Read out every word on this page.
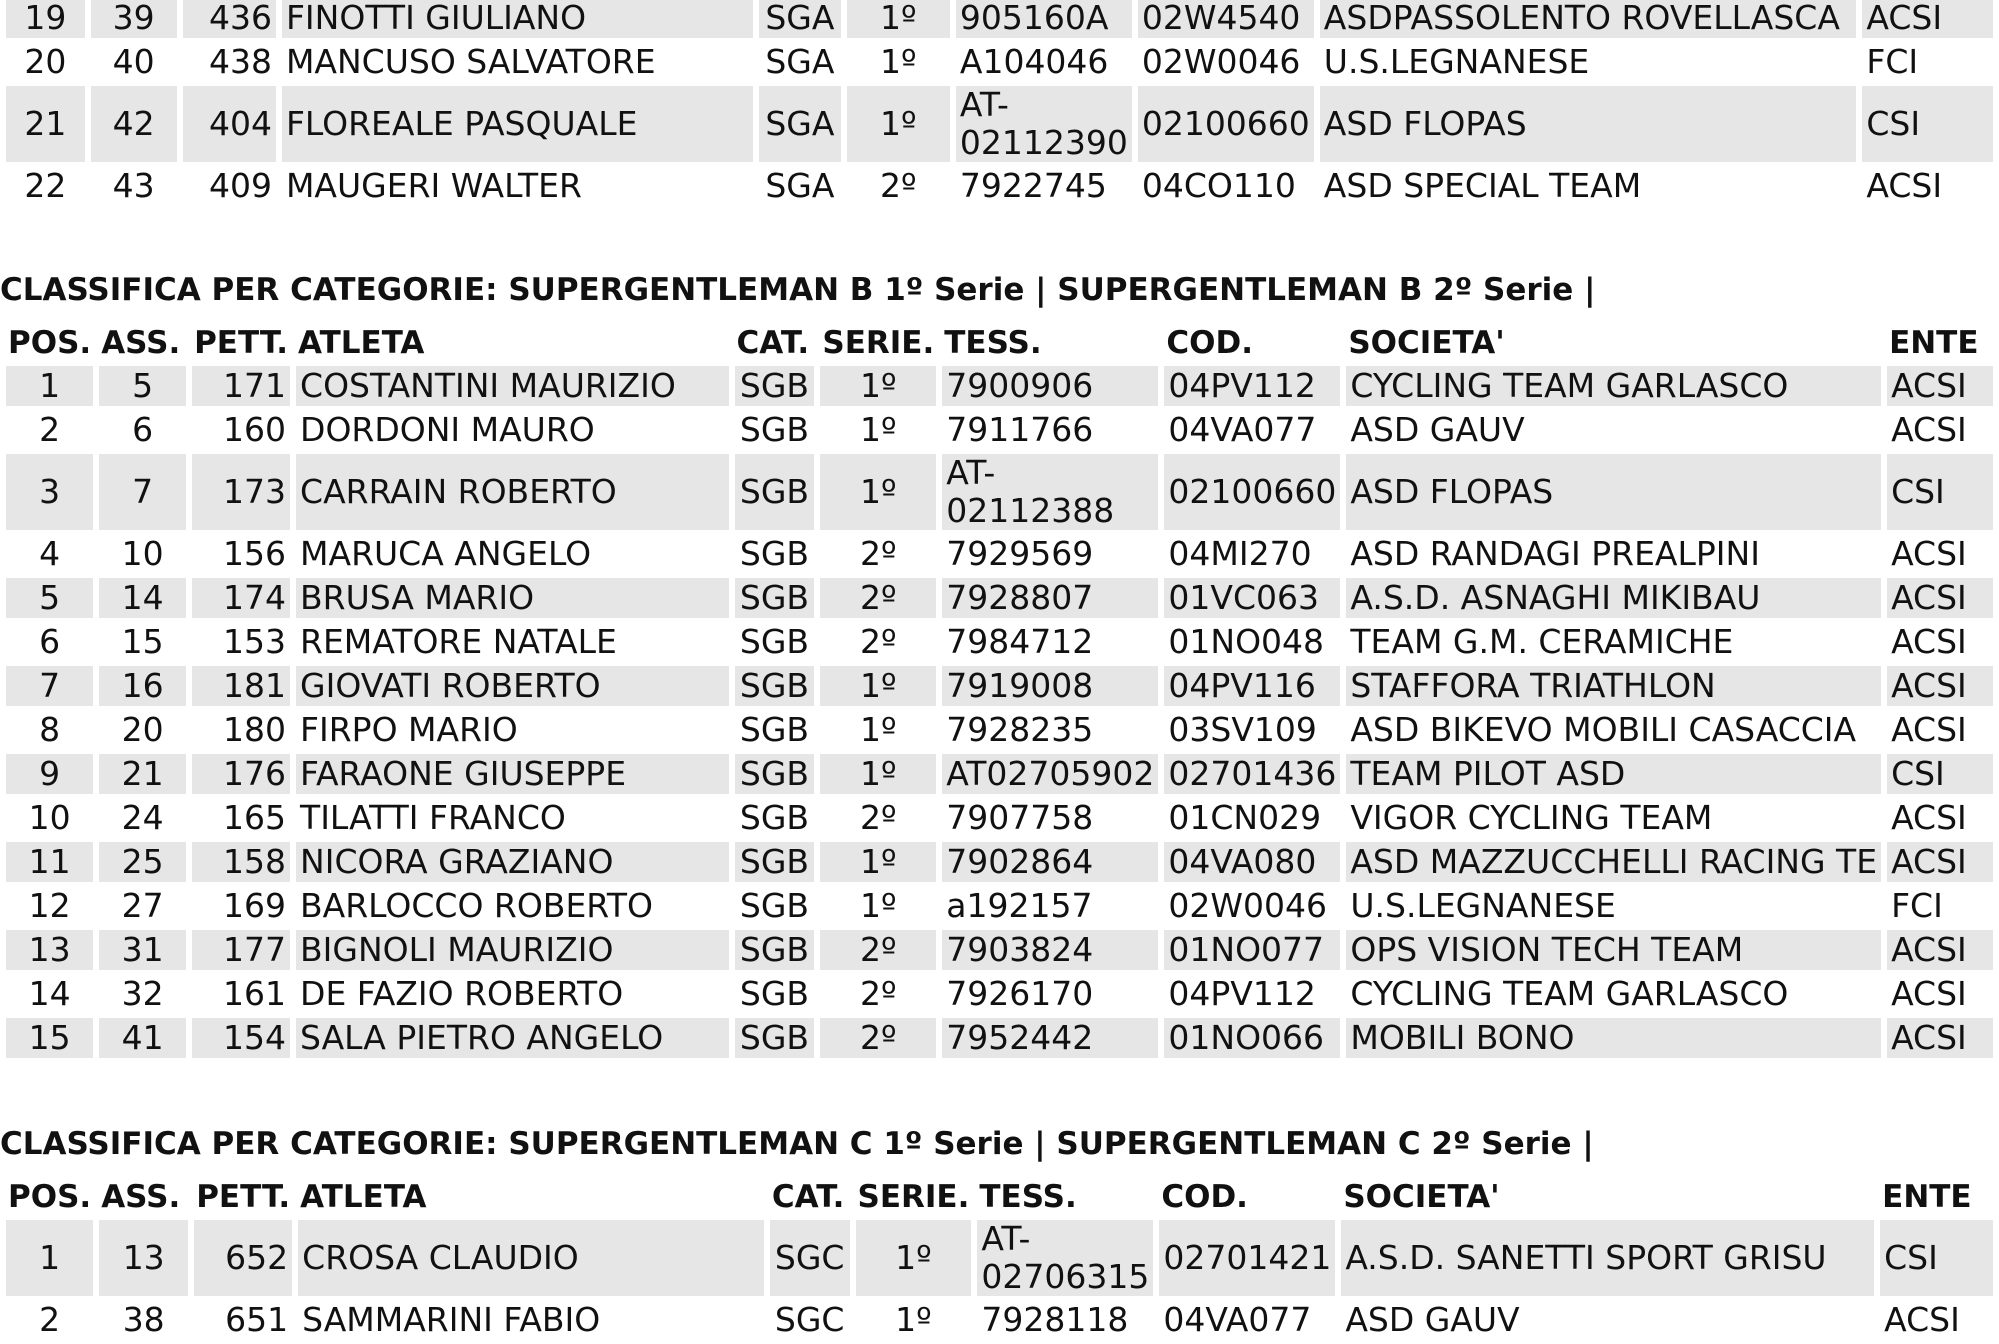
19	39	436	FINOTTI GIULIANO	SGA	1º	905160A	02W4540	ASDPASSOLENTO ROVELLASCA	ACSI
20	40	438	MANCUSO SALVATORE	SGA	1º	A104046	02W0046	U.S.LEGNANESE	FCI
21	42	404	FLOREALE PASQUALE	SGA	1º	AT-02112390	02100660	ASD FLOPAS	CSI
22	43	409	MAUGERI WALTER	SGA	2º	7922745	04CO110	ASD SPECIAL TEAM	ACSI
CLASSIFICA PER CATEGORIE: SUPERGENTLEMAN B 1º Serie | SUPERGENTLEMAN B 2º Serie |
POS.	ASS.	PETT.	ATLETA	CAT.	SERIE.	TESS.	COD.	SOCIETA'	ENTE
1	5	171	COSTANTINI MAURIZIO	SGB	1º	7900906	04PV112	CYCLING TEAM GARLASCO	ACSI
2	6	160	DORDONI MAURO	SGB	1º	7911766	04VA077	ASD GAUV	ACSI
3	7	173	CARRAIN ROBERTO	SGB	1º	AT-02112388	02100660	ASD FLOPAS	CSI
4	10	156	MARUCA ANGELO	SGB	2º	7929569	04MI270	ASD RANDAGI PREALPINI	ACSI
5	14	174	BRUSA MARIO	SGB	2º	7928807	01VC063	A.S.D. ASNAGHI MIKIBAU	ACSI
6	15	153	REMATORE NATALE	SGB	2º	7984712	01NO048	TEAM G.M. CERAMICHE	ACSI
7	16	181	GIOVATI ROBERTO	SGB	1º	7919008	04PV116	STAFFORA TRIATHLON	ACSI
8	20	180	FIRPO MARIO	SGB	1º	7928235	03SV109	ASD BIKEVO MOBILI CASACCIA	ACSI
9	21	176	FARAONE GIUSEPPE	SGB	1º	AT02705902	02701436	TEAM PILOT ASD	CSI
10	24	165	TILATTI FRANCO	SGB	2º	7907758	01CN029	VIGOR CYCLING TEAM	ACSI
11	25	158	NICORA GRAZIANO	SGB	1º	7902864	04VA080	ASD MAZZUCCHELLI RACING TE	ACSI
12	27	169	BARLOCCO ROBERTO	SGB	1º	a192157	02W0046	U.S.LEGNANESE	FCI
13	31	177	BIGNOLI MAURIZIO	SGB	2º	7903824	01NO077	OPS VISION TECH TEAM	ACSI
14	32	161	DE FAZIO ROBERTO	SGB	2º	7926170	04PV112	CYCLING TEAM GARLASCO	ACSI
15	41	154	SALA PIETRO ANGELO	SGB	2º	7952442	01NO066	MOBILI BONO	ACSI
CLASSIFICA PER CATEGORIE: SUPERGENTLEMAN C 1º Serie | SUPERGENTLEMAN C 2º Serie |
POS.	ASS.	PETT.	ATLETA	CAT.	SERIE.	TESS.	COD.	SOCIETA'	ENTE
1	13	652	CROSA CLAUDIO	SGC	1º	AT-02706315	02701421	A.S.D. SANETTI SPORT GRISU	CSI
2	38	651	SAMMARINI FABIO	SGC	1º	7928118	04VA077	ASD GAUV	ACSI
